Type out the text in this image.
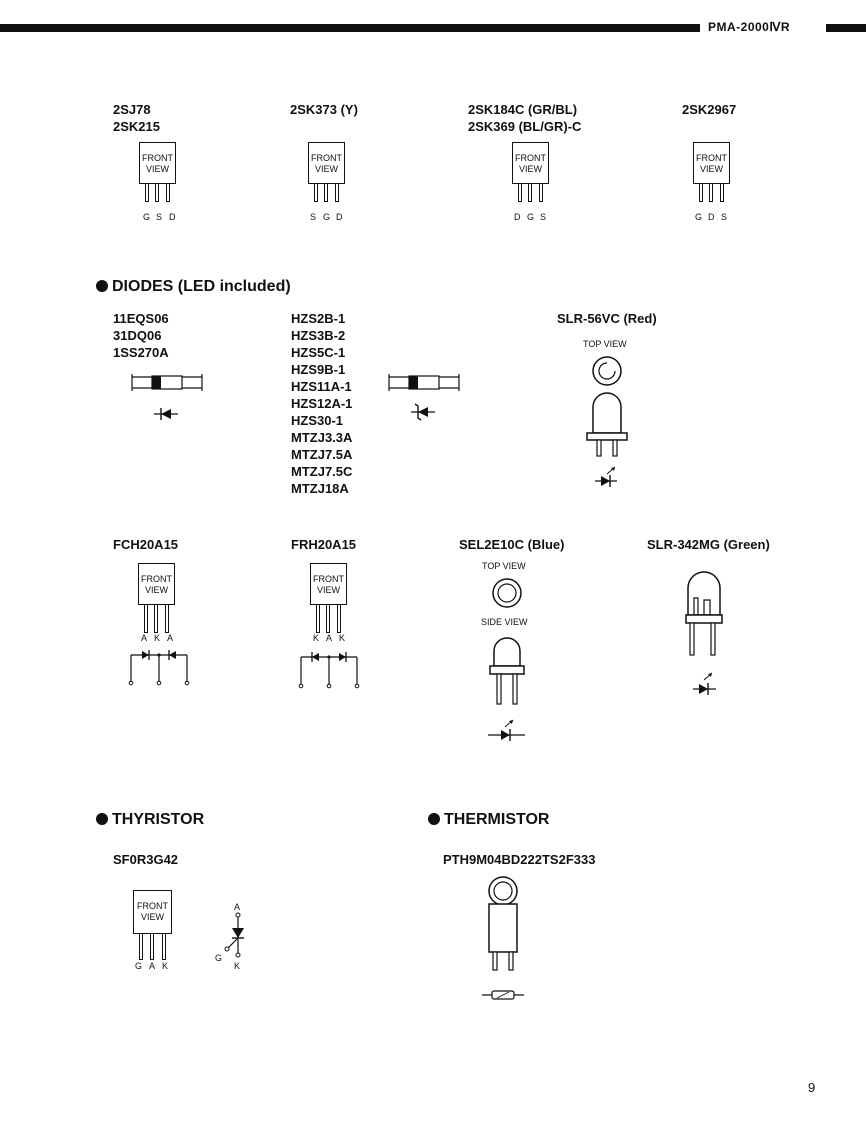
PMA-2000ⅣR
2SJ78
2SK215
2SK373 (Y)	2SK184C (GR/BL)
2SK369 (BL/GR)-C
2SK2967
FRONT
VIEW
G S D
FRONT
VIEW
S G D
FRONT
VIEW
D G S
FRONT
VIEW
G D S
DIODES (LED included)
11EQS06
31DQ06
1SS270A
HZS2B-1
HZS3B-2
HZS5C-1
HZS9B-1
HZS11A-1
HZS12A-1
HZS30-1
MTZJ3.3A
MTZJ7.5A
MTZJ7.5C
MTZJ18A
SLR-56VC (Red)
TOP VIEW
FCH20A15	FRH20A15	SEL2E10C (Blue)	SLR-342MG (Green)
FRONT
VIEW
A K A
FRONT
VIEW
K A K
TOP VIEW
SIDE VIEW
THYRISTOR	THERMISTOR
SF0R3G42	PTH9M04BD222TS2F333
FRONT
VIEW
G A K
A
G
K
9
